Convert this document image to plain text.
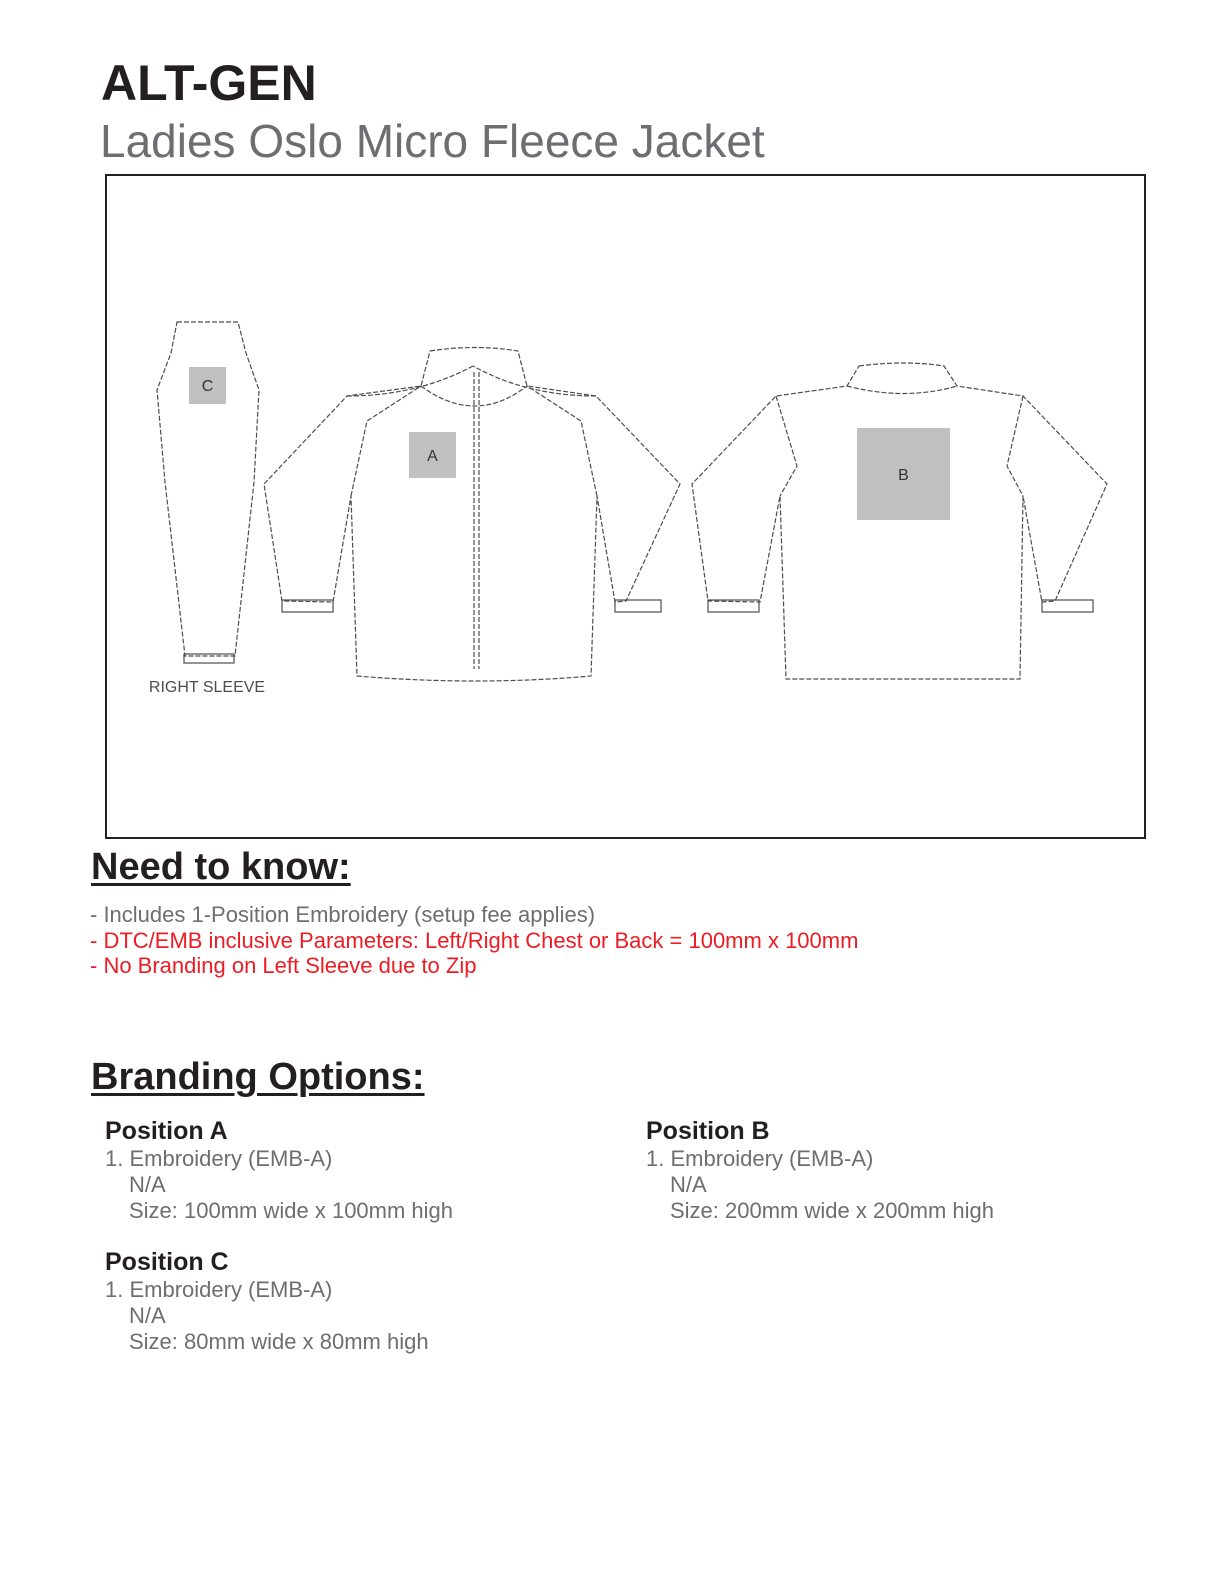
ALT-GEN
Ladies Oslo Micro Fleece Jacket
C
RIGHT SLEEVE
A
B
Need to know:
- Includes 1-Position Embroidery (setup fee applies)
- DTC/EMB inclusive Parameters: Left/Right Chest or Back = 100mm x 100mm
- No Branding on Left Sleeve due to Zip
Branding Options:
Position A
1. Embroidery (EMB-A)
N/A
Size: 100mm wide x 100mm high
Position B
1. Embroidery (EMB-A)
N/A
Size: 200mm wide x 200mm high
Position C
1. Embroidery (EMB-A)
N/A
Size: 80mm wide x 80mm high
